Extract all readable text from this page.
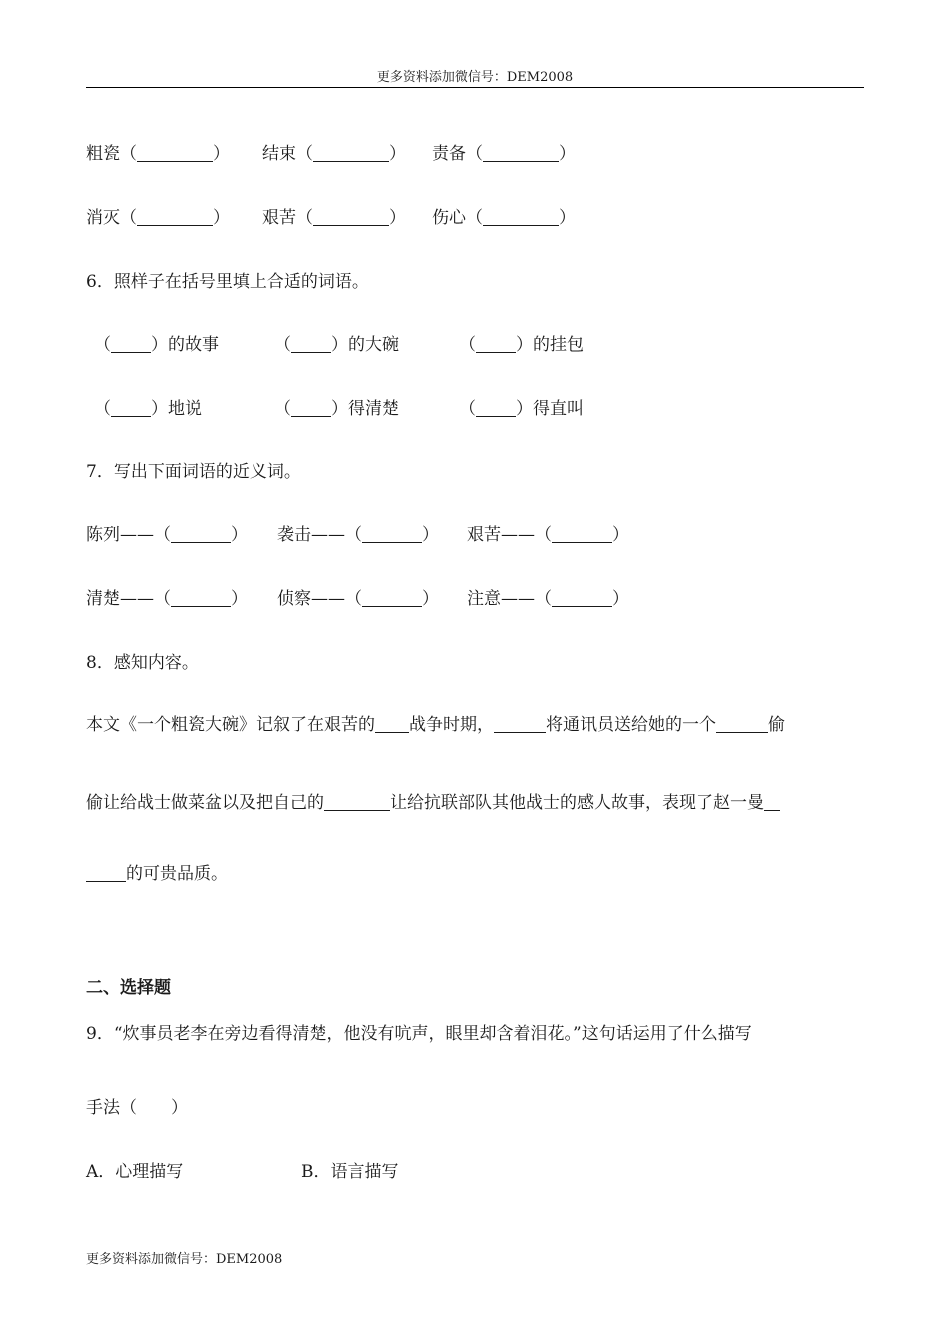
更多资料添加微信号：DEM2008
粗瓷（	） 结束（	） 责备（	）
消灭（	） 艰苦（	） 伤心（	）
6．照样子在括号里填上合适的词语。
（ ）的故事	（ ）的大碗	（ ）的挂包
（ ）地说	（ ）得清楚	（ ）得直叫
7．写出下面词语的近义词。
陈列——（	） 袭击——（	） 艰苦——（	）
清楚——（	） 侦察——（	） 注意——（	）
8．感知内容。
本文《一个粗瓷大碗》记叙了在艰苦的 战争时期，	将通讯员送给她的一个	偷
偷让给战士做菜盆以及把自己的	让给抗联部队其他战士的感人故事，表现了赵一曼
的可贵品质。
二、选择题
9．“炊事员老李在旁边看得清楚，他没有吭声，眼里却含着泪花。”这句话运用了什么描写
手法（　　）
A．心理描写	B．语言描写
更多资料添加微信号：DEM2008
